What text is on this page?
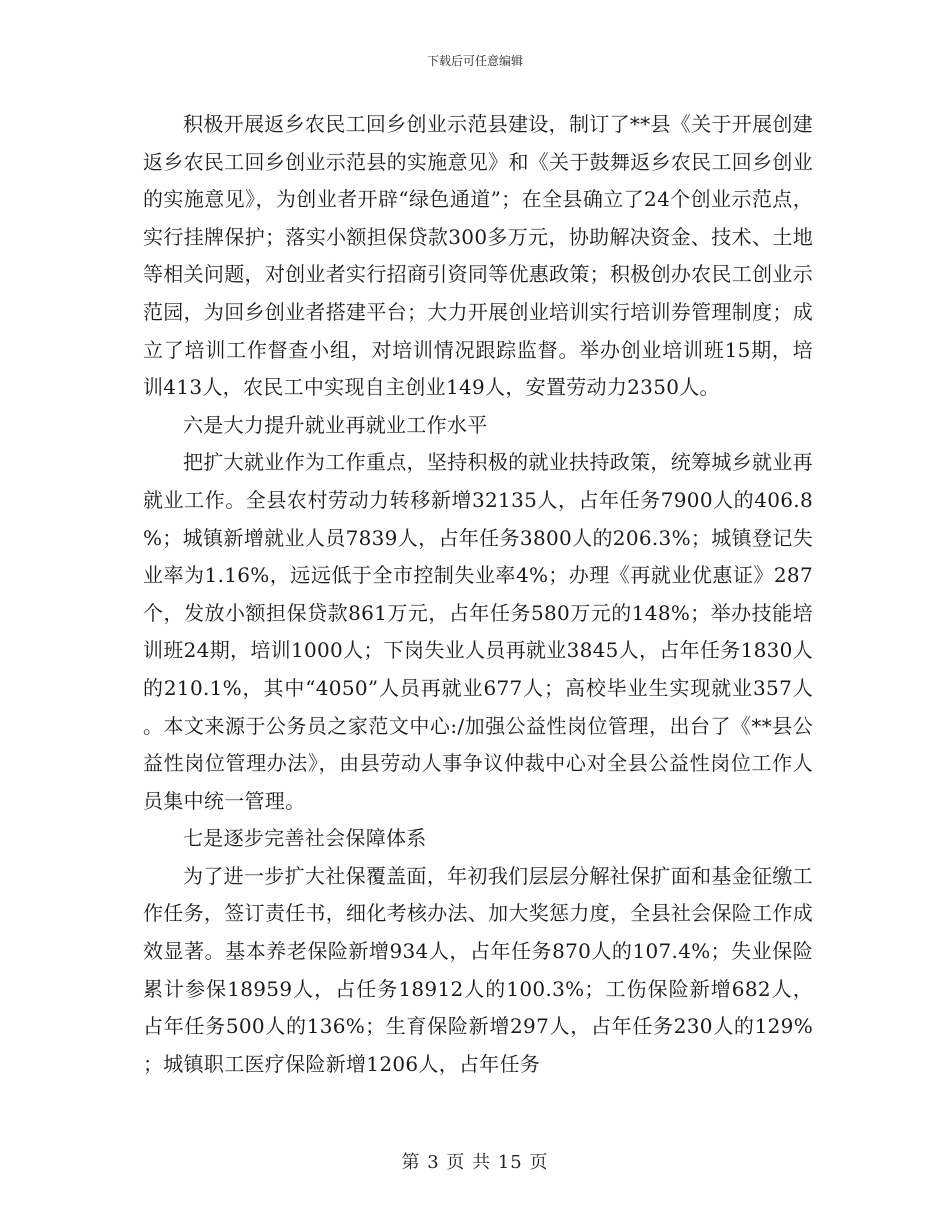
下载后可任意编辑

积极开展返乡农民工回乡创业示范县建设，制订了**县《关于开展创建返乡农民工回乡创业示范县的实施意见》和《关于鼓舞返乡农民工回乡创业的实施意见》，为创业者开辟“绿色通道”；在全县确立了24个创业示范点，实行挂牌保护；落实小额担保贷款300多万元，协助解决资金、技术、土地等相关问题，对创业者实行招商引资同等优惠政策；积极创办农民工创业示范园，为回乡创业者搭建平台；大力开展创业培训实行培训券管理制度；成立了培训工作督查小组，对培训情况跟踪监督。举办创业培训班15期，培训413人，农民工中实现自主创业149人，安置劳动力2350人。

六是大力提升就业再就业工作水平

把扩大就业作为工作重点，坚持积极的就业扶持政策，统筹城乡就业再就业工作。全县农村劳动力转移新增32135人，占年任务7900人的406.8%；城镇新增就业人员7839人，占年任务3800人的206.3%；城镇登记失业率为1.16%，远远低于全市控制失业率4%；办理《再就业优惠证》287个，发放小额担保贷款861万元，占年任务580万元的148%；举办技能培训班24期，培训1000人；下岗失业人员再就业3845人，占年任务1830人的210.1%，其中“4050”人员再就业677人；高校毕业生实现就业357人。本文来源于公务员之家范文中心:/加强公益性岗位管理，出台了《**县公益性岗位管理办法》，由县劳动人事争议仲裁中心对全县公益性岗位工作人员集中统一管理。

七是逐步完善社会保障体系

为了进一步扩大社保覆盖面，年初我们层层分解社保扩面和基金征缴工作任务，签订责任书，细化考核办法、加大奖惩力度，全县社会保险工作成效显著。基本养老保险新增934人，占年任务870人的107.4%；失业保险累计参保18959人，占任务18912人的100.3%；工伤保险新增682人，占年任务500人的136%；生育保险新增297人，占年任务230人的129%；城镇职工医疗保险新增1206人，占年任务

第 3 页 共 15 页
